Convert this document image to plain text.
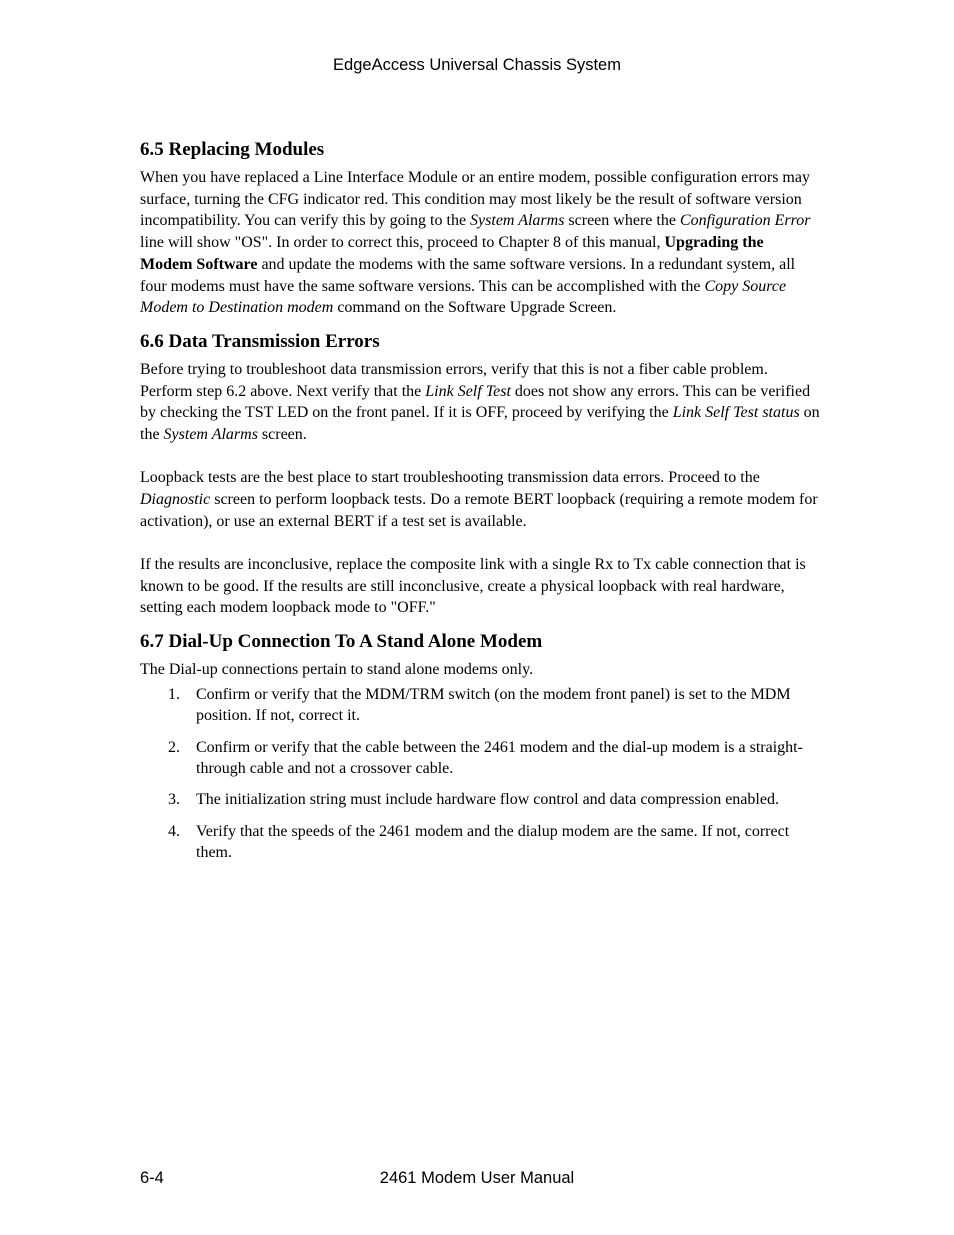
EdgeAccess Universal Chassis System
6.5 Replacing Modules

When you have replaced a Line Interface Module or an entire modem, possible configuration errors may surface, turning the CFG indicator red. This condition may most likely be the result of software version incompatibility. You can verify this by going to the System Alarms screen where the Configuration Error line will show "OS". In order to correct this, proceed to Chapter 8 of this manual, Upgrading the Modem Software and update the modems with the same software versions. In a redundant system, all four modems must have the same software versions. This can be accomplished with the Copy Source Modem to Destination modem command on the Software Upgrade Screen.

6.6 Data Transmission Errors

Before trying to troubleshoot data transmission errors, verify that this is not a fiber cable problem. Perform step 6.2 above. Next verify that the Link Self Test does not show any errors. This can be verified by checking the TST LED on the front panel. If it is OFF, proceed by verifying the Link Self Test status on the System Alarms screen.

Loopback tests are the best place to start troubleshooting transmission data errors. Proceed to the Diagnostic screen to perform loopback tests. Do a remote BERT loopback (requiring a remote modem for activation), or use an external BERT if a test set is available.

If the results are inconclusive, replace the composite link with a single Rx to Tx cable connection that is known to be good. If the results are still inconclusive, create a physical loopback with real hardware, setting each modem loopback mode to "OFF."

6.7 Dial-Up Connection To A Stand Alone Modem

The Dial-up connections pertain to stand alone modems only.

1. Confirm or verify that the MDM/TRM switch (on the modem front panel) is set to the MDM position. If not, correct it.
2. Confirm or verify that the cable between the 2461 modem and the dial-up modem is a straight-through cable and not a crossover cable.
3. The initialization string must include hardware flow control and data compression enabled.
4. Verify that the speeds of the 2461 modem and the dialup modem are the same. If not, correct them.
6-4	2461 Modem User Manual
